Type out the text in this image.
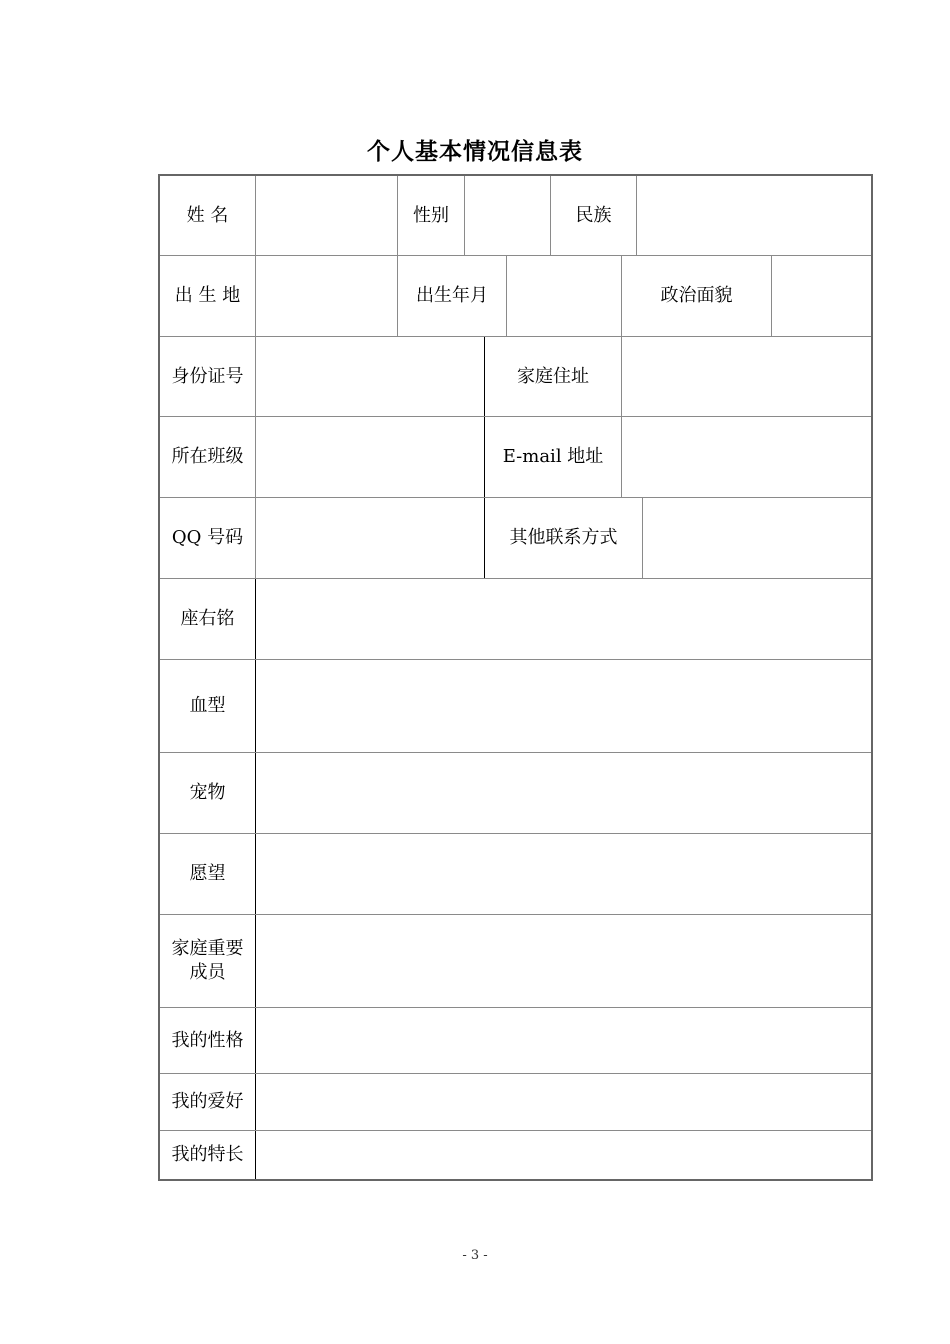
个人基本情况信息表
姓 名	性别	民族
出 生 地	出生年月	政治面貌
身份证号	家庭住址
所在班级	E-mail 地址
QQ 号码	其他联系方式
座右铭
血型
宠物
愿望
家庭重要成员
我的性格
我的爱好
我的特长
- 3 -
